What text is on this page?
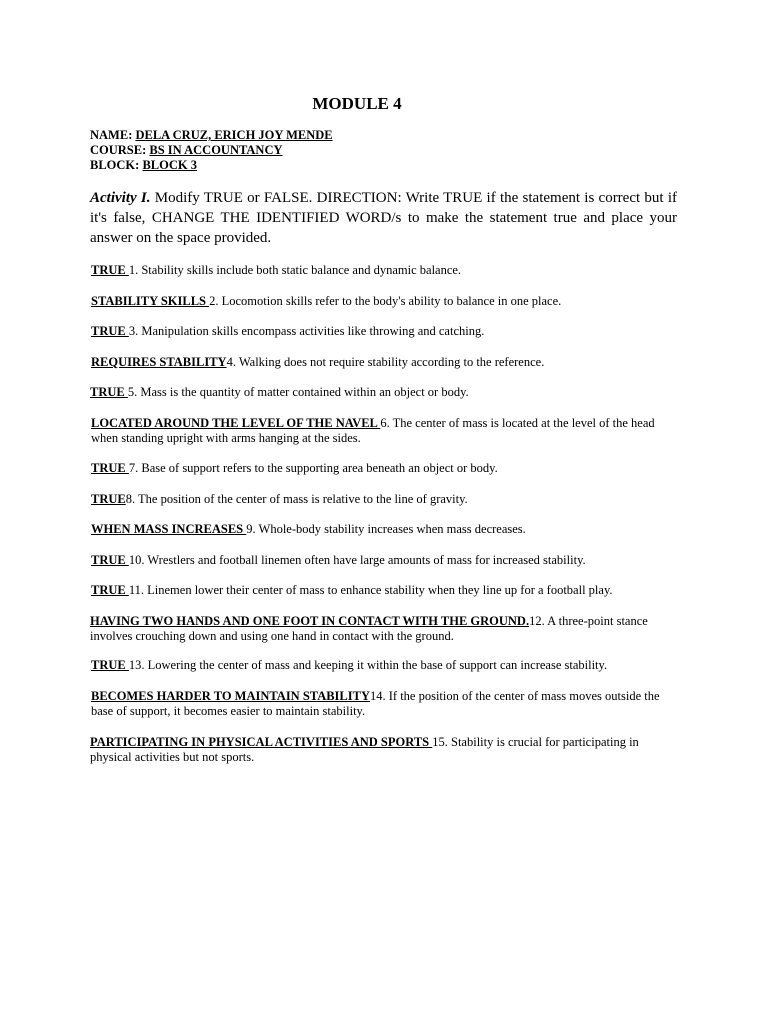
MODULE 4
NAME: DELA CRUZ, ERICH JOY MENDE
COURSE: BS IN ACCOUNTANCY
BLOCK: BLOCK 3
Activity I. Modify TRUE or FALSE. DIRECTION: Write TRUE if the statement is correct but if it's false, CHANGE THE IDENTIFIED WORD/s to make the statement true and place your answer on the space provided.
TRUE 1. Stability skills include both static balance and dynamic balance.
STABILITY SKILLS 2. Locomotion skills refer to the body's ability to balance in one place.
TRUE 3. Manipulation skills encompass activities like throwing and catching.
REQUIRES STABILITY4. Walking does not require stability according to the reference.
TRUE 5. Mass is the quantity of matter contained within an object or body.
LOCATED AROUND THE LEVEL OF THE NAVEL 6. The center of mass is located at the level of the head when standing upright with arms hanging at the sides.
TRUE 7. Base of support refers to the supporting area beneath an object or body.
TRUE8. The position of the center of mass is relative to the line of gravity.
WHEN MASS INCREASES 9. Whole-body stability increases when mass decreases.
TRUE 10. Wrestlers and football linemen often have large amounts of mass for increased stability.
TRUE 11. Linemen lower their center of mass to enhance stability when they line up for a football play.
HAVING TWO HANDS AND ONE FOOT IN CONTACT WITH THE GROUND.12. A three-point stance involves crouching down and using one hand in contact with the ground.
TRUE 13. Lowering the center of mass and keeping it within the base of support can increase stability.
BECOMES HARDER TO MAINTAIN STABILITY14. If the position of the center of mass moves outside the base of support, it becomes easier to maintain stability.
PARTICIPATING IN PHYSICAL ACTIVITIES AND SPORTS 15. Stability is crucial for participating in physical activities but not sports.
